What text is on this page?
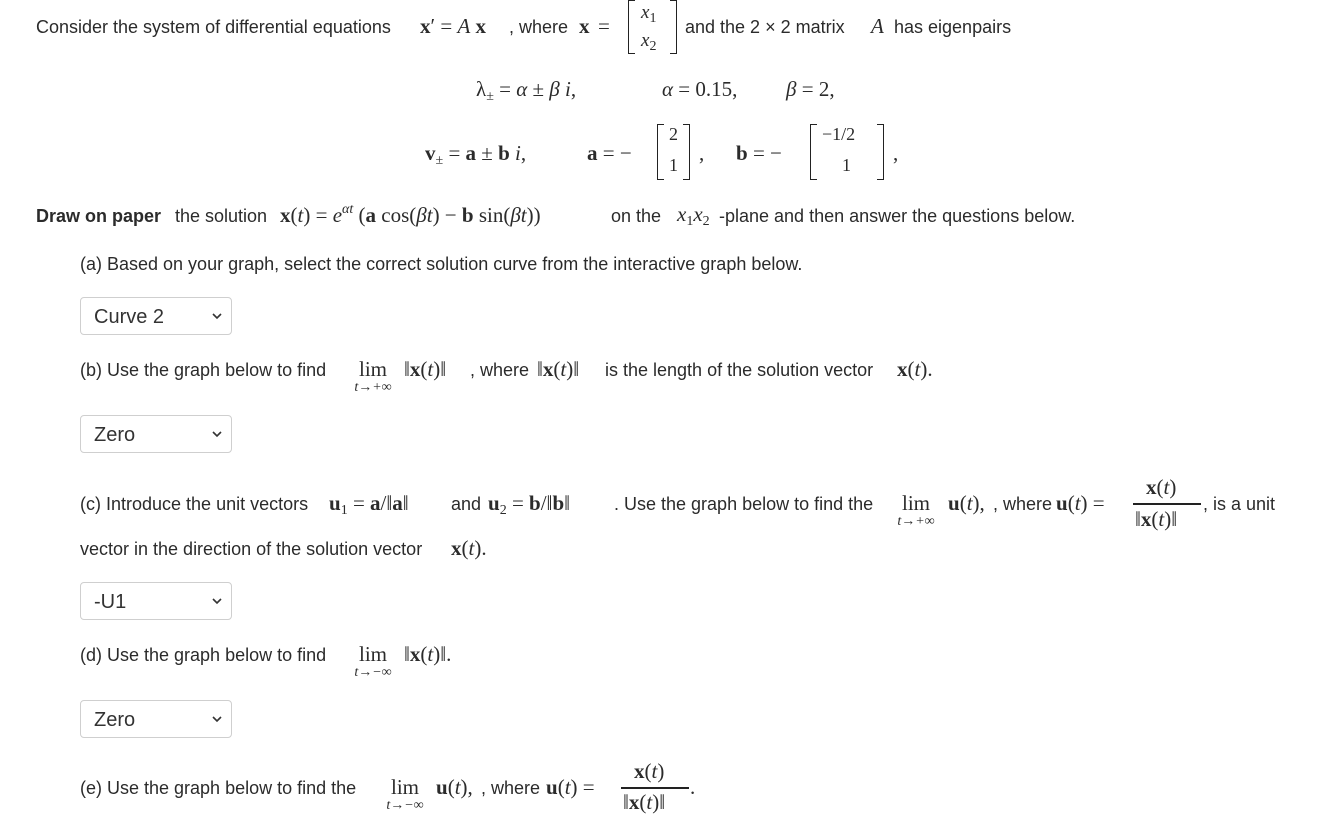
Consider the system of differential equations x′ = A x , where x =
$x_1$
$x_2$
and the 2 × 2 matrix A has eigenpairs
$\lambda_\pm = \alpha \pm \beta$ i,	α = 0.15, β = 2,
$v_\pm = a \pm b$ i,	a = −
2
1 , b = −
−1/2
1 ,
Draw on paper the solution $x(t) = e^{\alpha t}$ (a cos(βt) − b sin(βt))	on the $x_1x_2$ -plane and then answer the questions below.
(a) Based on your graph, select the correct solution curve from the interactive graph below.
Curve 2
(b) Use the graph below to find	lim
t→+∞
‖x(t)‖ , where ‖x(t)‖ is the length of the solution vector x(t).
Zero
(c) Introduce the unit vectors $u_1$ = a/‖a‖ and $u_2$ = b/‖b‖ . Use the graph below to find the	lim
t→+∞
u(t), , where u(t) =
x(t)
‖x(t)‖
, is a unit
vector in the direction of the solution vector x(t).
-U1
(d) Use the graph below to find	lim
t→−∞
‖x(t)‖.
Zero
(e) Use the graph below to find the	lim
t→−∞
u(t), , where u(t) =
x(t)
‖x(t)‖
.
